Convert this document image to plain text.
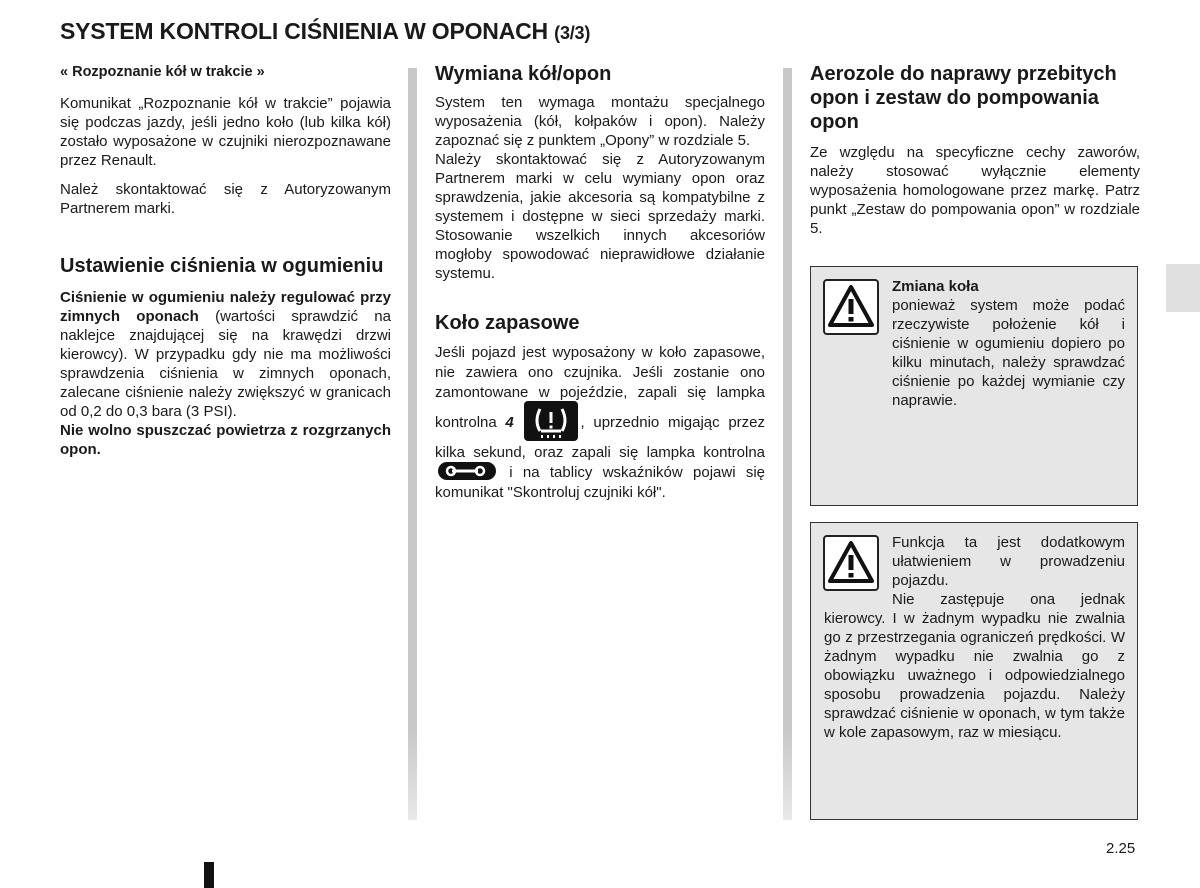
SYSTEM KONTROLI CIŚNIENIA W OPONACH (3/3)
« Rozpoznanie kół w trakcie »

Komunikat „Rozpoznanie kół w trakcie” pojawia się podczas jazdy, jeśli jedno koło (lub kilka kół) zostało wyposażone w czujniki nierozpoznawane przez Renault.

Należ skontaktować się z Autoryzowanym Partnerem marki.

Ustawienie ciśnienia w ogumieniu

Ciśnienie w ogumieniu należy regulować przy zimnych oponach (wartości sprawdzić na naklejce znajdującej się na krawędzi drzwi kierowcy). W przypadku gdy nie ma możliwości sprawdzenia ciśnienia w zimnych oponach, zalecane ciśnienie należy zwiększyć w granicach od 0,2 do 0,3 bara (3 PSI).

Nie wolno spuszczać powietrza z rozgrzanych opon.

Wymiana kół/opon

System ten wymaga montażu specjalnego wyposażenia (kół, kołpaków i opon). Należy zapoznać się z punktem „Opony” w rozdziale 5.

Należy skontaktować się z Autoryzowanym Partnerem marki w celu wymiany opon oraz sprawdzenia, jakie akcesoria są kompatybilne z systemem i dostępne w sieci sprzedaży marki. Stosowanie wszelkich innych akcesoriów mogłoby spowodować nieprawidłowe działanie systemu.

Koło zapasowe

Jeśli pojazd jest wyposażony w koło zapasowe, nie zawiera ono czujnika. Jeśli zostanie ono zamontowane w pojeździe, zapali się lampka kontrolna 4	, uprzednio migając przez kilka sekund, oraz zapali się lampka kontrolna  i na tablicy wskaźników pojawi się komunikat "Skontroluj czujniki kół".

Aerozole do naprawy przebitych opon i zestaw do pompowania opon

Ze względu na specyficzne cechy zaworów, należy stosować wyłącznie elementy wyposażenia homologowane przez markę. Patrz punkt „Zestaw do pompowania opon” w rozdziale 5.

Zmiana koła

ponieważ system może podać rzeczywiste położenie kół i ciśnienie w ogumieniu dopiero po kilku minutach, należy sprawdzać ciśnienie po każdej wymianie czy naprawie.

Funkcja ta jest dodatkowym ułatwieniem w prowadzeniu pojazdu.

Nie zastępuje ona jednak kierowcy. I w żadnym wypadku nie zwalnia go z przestrzegania ograniczeń prędkości. W żadnym wypadku nie zwalnia go z obowiązku uważnego i odpowiedzialnego sposobu prowadzenia pojazdu. Należy sprawdzać ciśnienie w oponach, w tym także w kole zapasowym, raz w miesiącu.

2.25
